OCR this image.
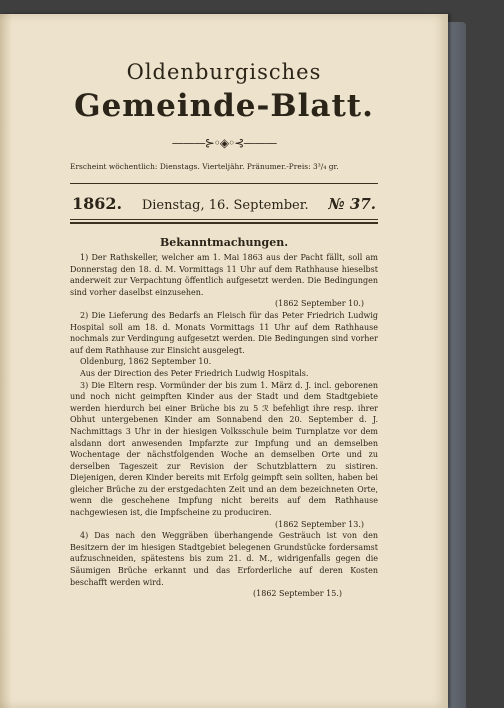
Oldenburgisches
Gemeinde-Blatt.
———⊱◦◈◦⊰———
Erscheint wöchentlich: Dienstags. Vierteljähr. Pränumer.-Preis: 3³/₄ gr.
1862. Dienstag, 16. September. № 37.
Bekanntmachungen.

1) Der Rathskeller, welcher am 1. Mai 1863 aus der Pacht fällt, soll am Donnerstag den 18. d. M. Vormittags 11 Uhr auf dem Rathhause hieselbst anderweit zur Verpachtung öffentlich aufgesetzt werden. Die Bedingungen sind vorher daselbst einzusehen.

(1862 September 10.)

2) Die Lieferung des Bedarfs an Fleisch für das Peter Friedrich Ludwig Hospital soll am 18. d. Monats Vormittags 11 Uhr auf dem Rathhause nochmals zur Verdingung aufgesetzt werden. Die Bedingungen sind vorher auf dem Rathhause zur Einsicht ausgelegt.

Oldenburg, 1862 September 10.

Aus der Direction des Peter Friedrich Ludwig Hospitals.

3) Die Eltern resp. Vormünder der bis zum 1. März d. J. incl. geborenen und noch nicht geimpften Kinder aus der Stadt und dem Stadtgebiete werden hierdurch bei einer Brüche bis zu 5 ℛ befehligt ihre resp. ihrer Obhut untergebenen Kinder am Sonnabend den 20. September d. J. Nachmittags 3 Uhr in der hiesigen Volksschule beim Turnplatze vor dem alsdann dort anwesenden Impfarzte zur Impfung und an demselben Wochentage der nächstfolgenden Woche an demselben Orte und zu derselben Tageszeit zur Revision der Schutzblattern zu sistiren. Diejenigen, deren Kinder bereits mit Erfolg geimpft sein sollten, haben bei gleicher Brüche zu der erstgedachten Zeit und an dem bezeichneten Orte, wenn die geschehene Impfung nicht bereits auf dem Rathhause nachgewiesen ist, die Impfscheine zu produciren.

(1862 September 13.)

4) Das nach den Weggräben überhangende Gesträuch ist von den Besitzern der im hiesigen Stadtgebiet belegenen Grundstücke fordersamst aufzuschneiden, spätestens bis zum 21. d. M., widrigenfalls gegen die Säumigen Brüche erkannt und das Erforderliche auf deren Kosten beschafft werden wird.

(1862 September 15.)
